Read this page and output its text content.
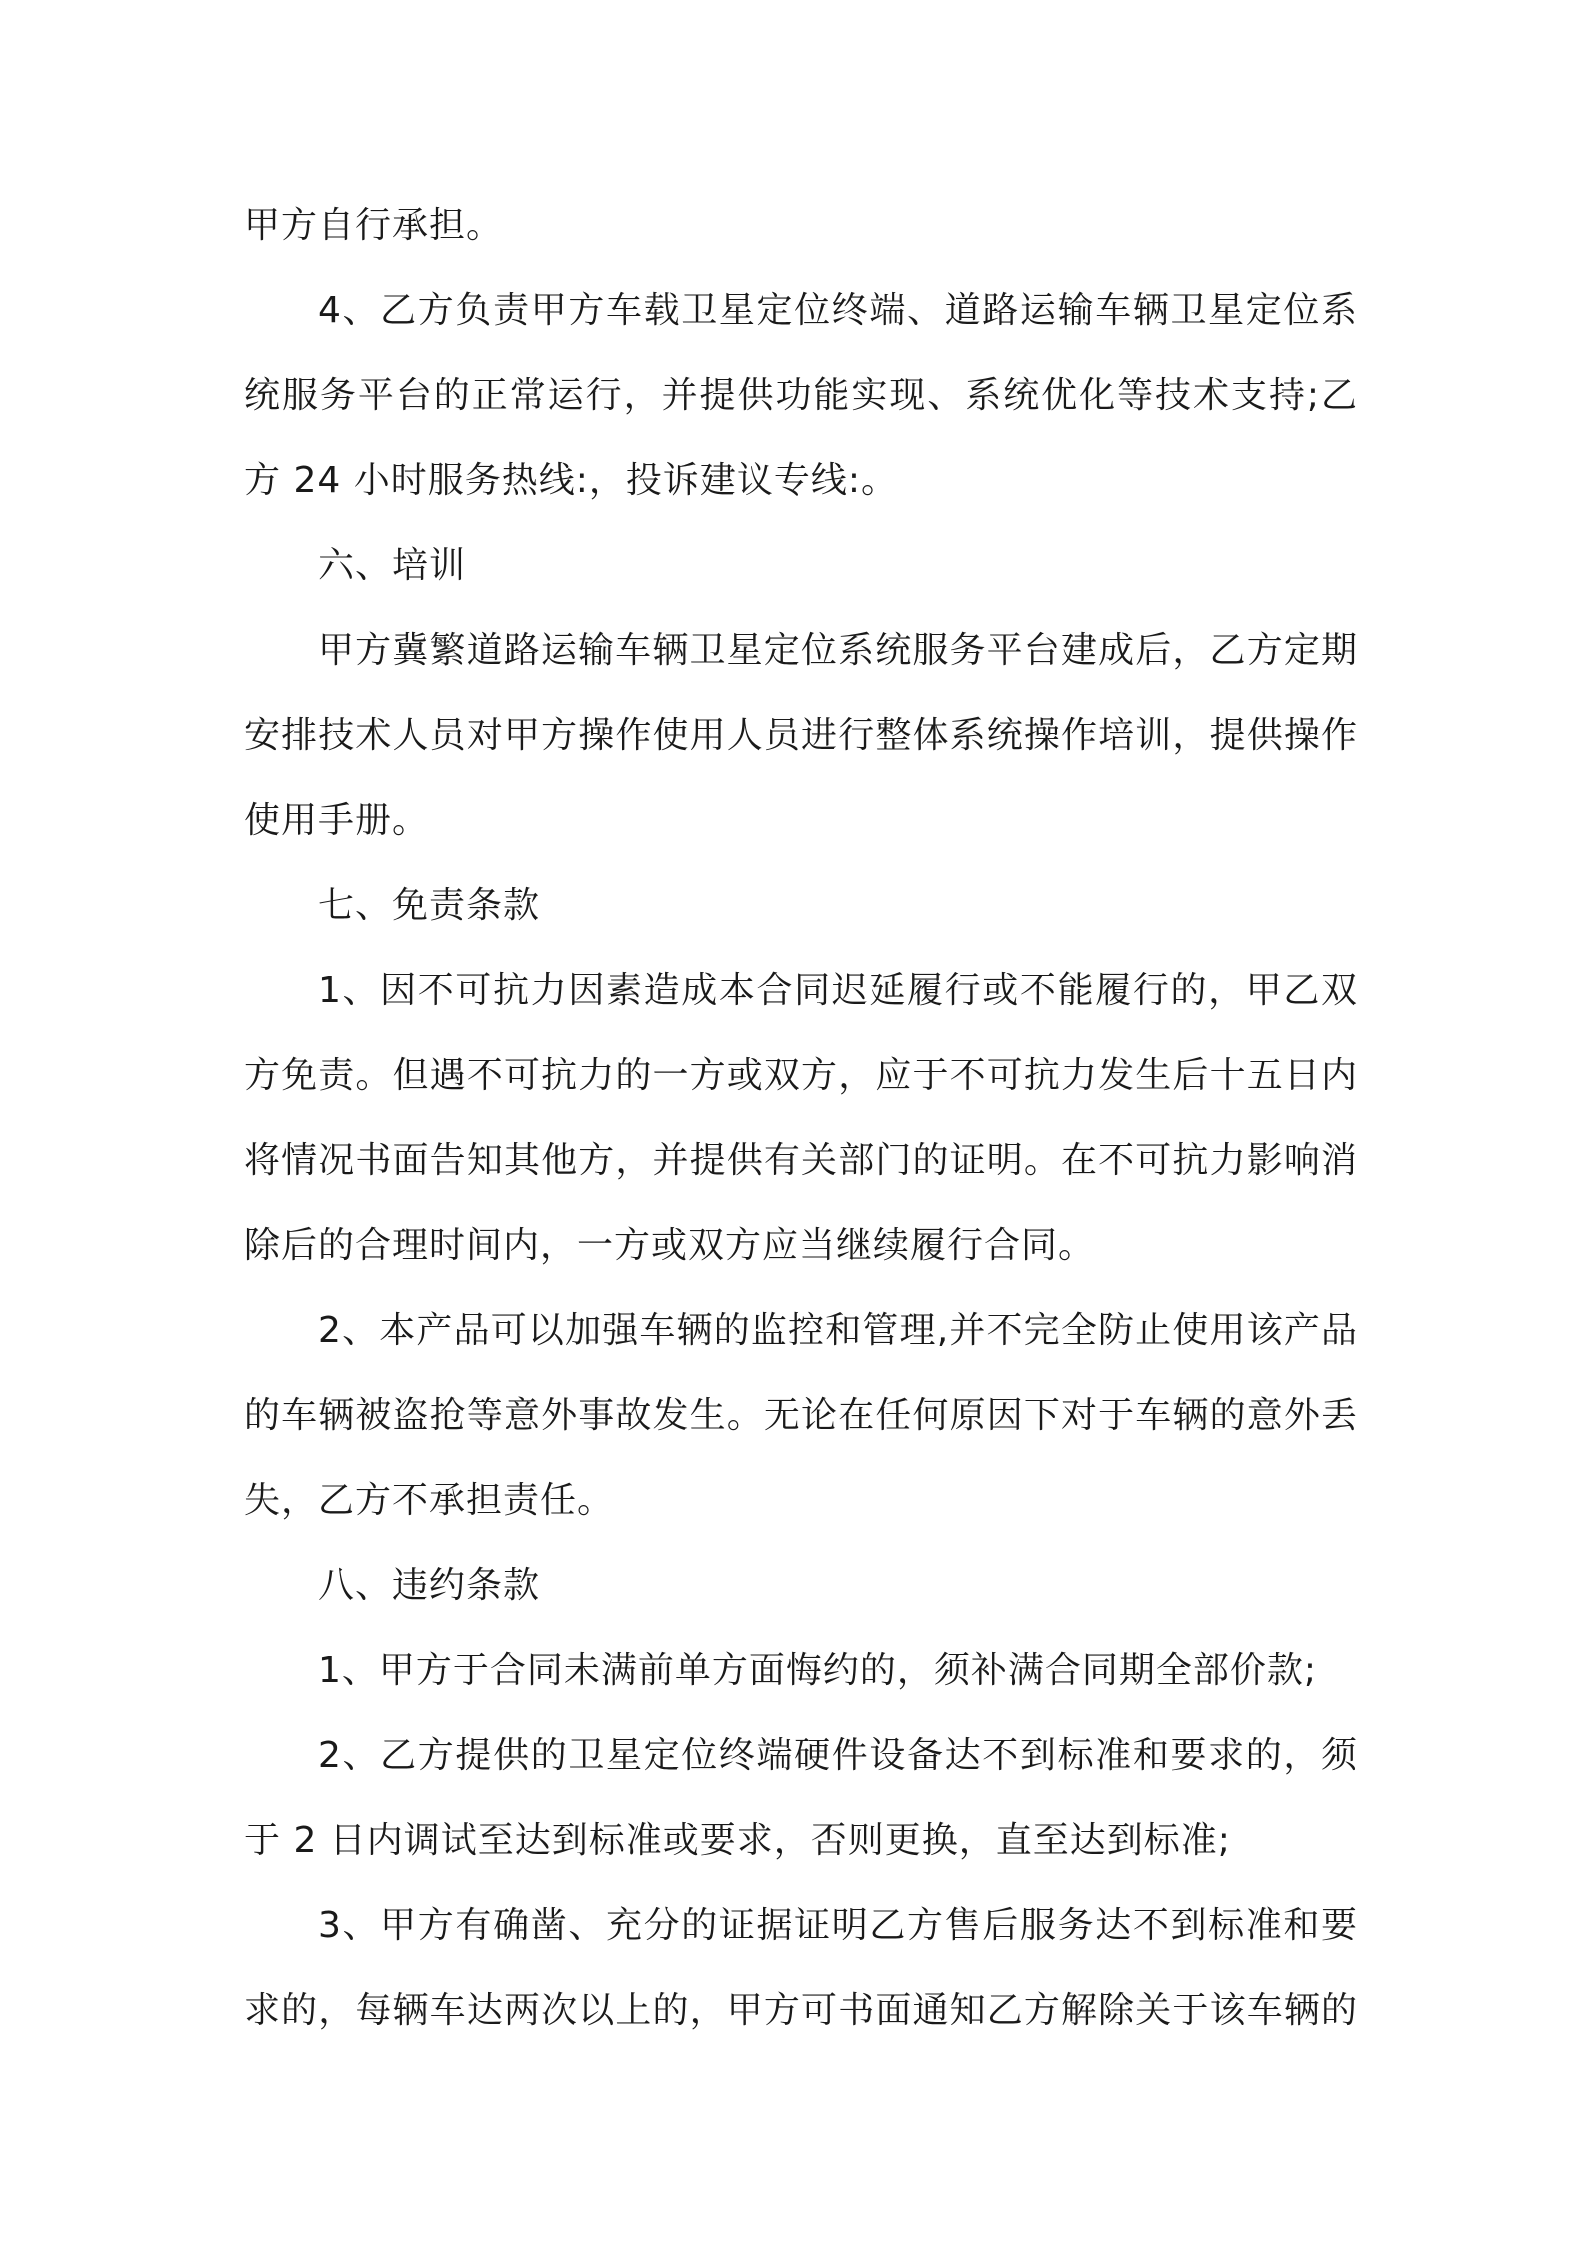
甲方自行承担。
4、乙方负责甲方车载卫星定位终端、道路运输车辆卫星定位系
统服务平台的正常运行，并提供功能实现、系统优化等技术支持;乙
方 24 小时服务热线:，投诉建议专线:。
六、培训
甲方冀繁道路运输车辆卫星定位系统服务平台建成后，乙方定期
安排技术人员对甲方操作使用人员进行整体系统操作培训，提供操作
使用手册。
七、免责条款
1、因不可抗力因素造成本合同迟延履行或不能履行的，甲乙双
方免责。但遇不可抗力的一方或双方，应于不可抗力发生后十五日内
将情况书面告知其他方，并提供有关部门的证明。在不可抗力影响消
除后的合理时间内，一方或双方应当继续履行合同。
2、本产品可以加强车辆的监控和管理,并不完全防止使用该产品
的车辆被盗抢等意外事故发生。无论在任何原因下对于车辆的意外丢
失，乙方不承担责任。
八、违约条款
1、甲方于合同未满前单方面悔约的，须补满合同期全部价款;
2、乙方提供的卫星定位终端硬件设备达不到标准和要求的，须
于 2 日内调试至达到标准或要求，否则更换，直至达到标准;
3、甲方有确凿、充分的证据证明乙方售后服务达不到标准和要
求的，每辆车达两次以上的，甲方可书面通知乙方解除关于该车辆的
